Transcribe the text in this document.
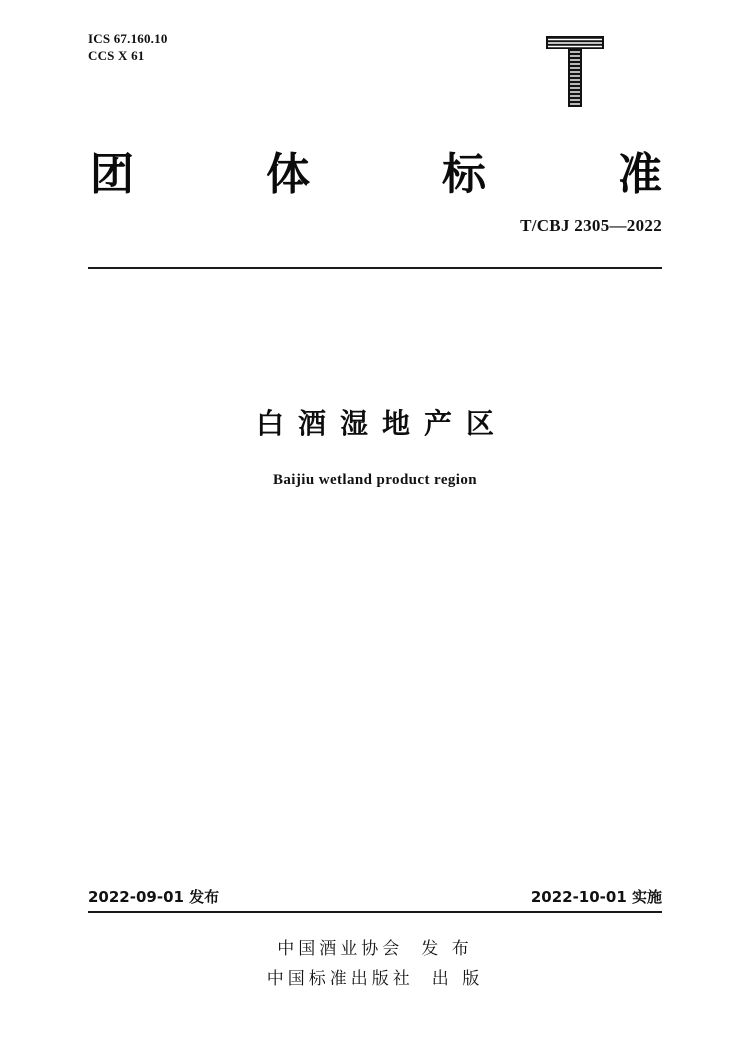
ICS 67.160.10
CCS X 61
团	体	标	准
T/CBJ 2305—2022
白酒湿地产区
Baijiu wetland product region
2022-09-01 发布	2022-10-01 实施
中国酒业协会 发 布
中国标准出版社 出 版
